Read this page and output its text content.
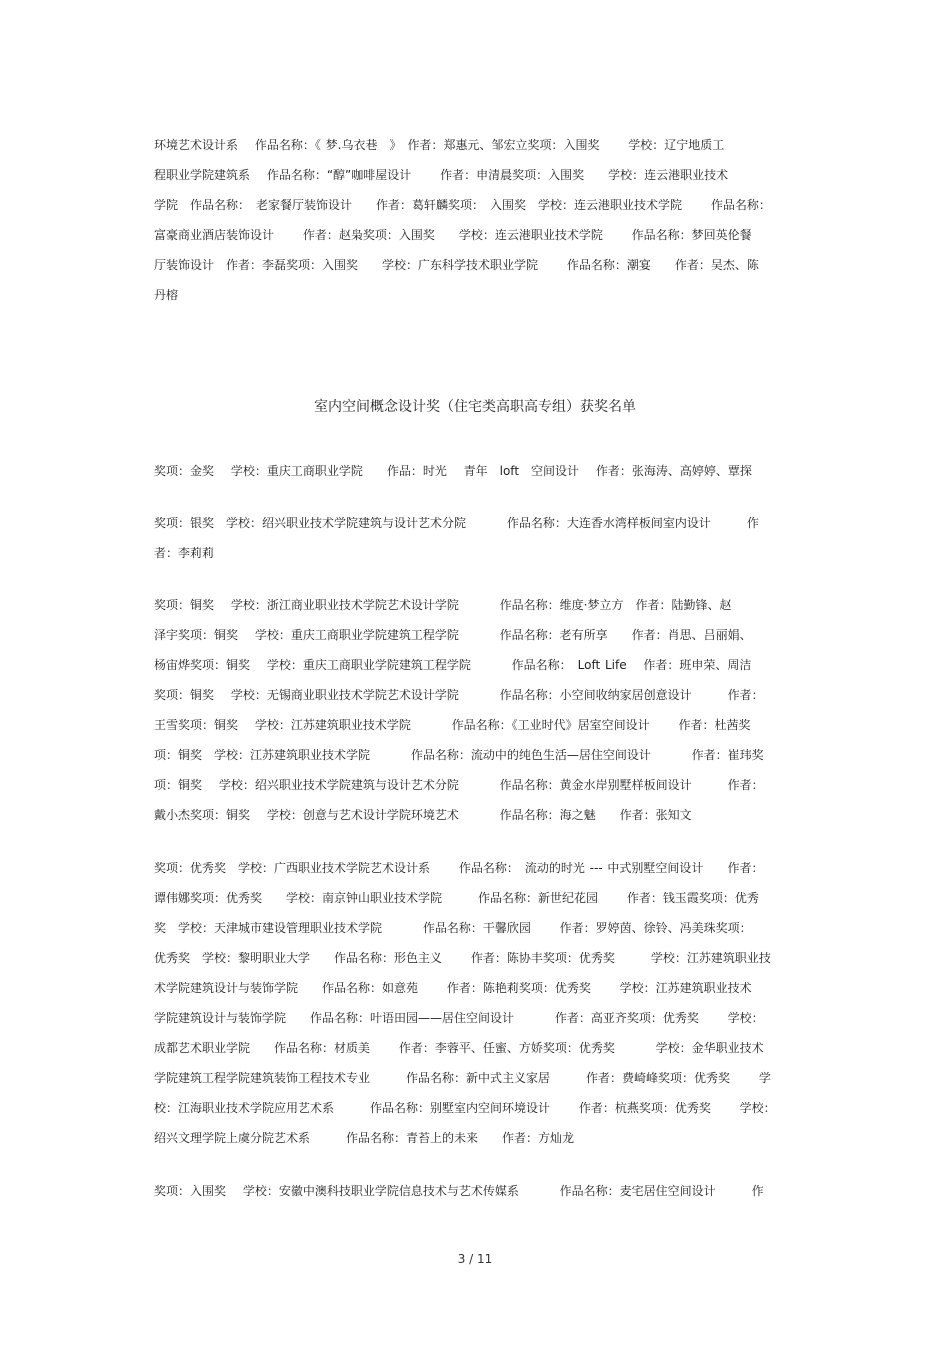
环境艺术设计系　 作品名称：《 梦.乌衣巷　》　作者：郑惠元、邹宏立奖项：入围奖　　 学校：辽宁地质工
程职业学院建筑系　 作品名称：“醇”咖啡屋设计　　 作者：申清晨奖项：入围奖　　学校：连云港职业技术
学院　作品名称：　老家餐厅装饰设计　　作者：葛轩麟奖项：　入围奖　学校：连云港职业技术学院　　 作品名称：
富豪商业酒店装饰设计　　 作者：赵枭奖项：入围奖　　学校：连云港职业技术学院　　 作品名称：梦回英伦餐
厅装饰设计　作者：李磊奖项：入围奖　　学校：广东科学技术职业学院　　 作品名称：潮宴　　作者：吴杰、陈
丹榕
室内空间概念设计奖（住宅类高职高专组）获奖名单
奖项：金奖　 学校：重庆工商职业学院　　作品：时光　 青年　loft　空间设计　 作者：张海涛、高婷婷、覃探
奖项：银奖　学校：绍兴职业技术学院建筑与设计艺术分院　　　 作品名称：大连香水湾样板间室内设计　　　作
者：李莉莉
奖项：铜奖　 学校：浙江商业职业技术学院艺术设计学院　　　 作品名称：维度·梦立方　作者：陆勤锋、赵
泽宇奖项：铜奖　 学校：重庆工商职业学院建筑工程学院　　　 作品名称：老有所享　　作者：肖思、吕丽娟、
杨宙烨奖项：铜奖　 学校：重庆工商职业学院建筑工程学院　　　 作品名称：　Loft Life　 作者：班申荣、周洁
奖项：铜奖　 学校：无锡商业职业技术学院艺术设计学院　　　 作品名称：小空间收纳家居创意设计　　　作者：
王雪奖项：铜奖　 学校：江苏建筑职业技术学院　　　 作品名称：《工业时代》居室空间设计　　 作者：杜茜奖
项：铜奖　学校：江苏建筑职业技术学院　　　 作品名称：流动中的纯色生活—居住空间设计　　　 作者：崔玮奖
项：铜奖　 学校：绍兴职业技术学院建筑与设计艺术分院　　　 作品名称：黄金水岸别墅样板间设计　　　作者：
戴小杰奖项：铜奖　 学校：创意与艺术设计学院环境艺术　　　 作品名称：海之魅　　作者：张知文
奖项：优秀奖　学校：广西职业技术学院艺术设计系　　 作品名称：　流动的时光 --- 中式别墅空间设计　　作者：
谭伟娜奖项：优秀奖　　学校：南京钟山职业技术学院　　　作品名称：新世纪花园　　 作者：钱玉霞奖项：优秀
奖　学校：天津城市建设管理职业技术学院　　　 作品名称：干馨欣园　　 作者：罗婷茵、徐铃、冯美珠奖项：
优秀奖　学校：黎明职业大学　　作品名称：形色主义　　 作者：陈协丰奖项：优秀奖　　　学校：江苏建筑职业技
术学院建筑设计与装饰学院　　作品名称：如意苑　　 作者：陈艳莉奖项：优秀奖　　 学校：江苏建筑职业技术
学院建筑设计与装饰学院　　作品名称：叶语田园——居住空间设计　　　 作者：高亚齐奖项：优秀奖　　 学校：
成都艺术职业学院　　作品名称：材质美　　 作者：李蓉平、任蜜、方娇奖项：优秀奖　　　 学校：金华职业技术
学院建筑工程学院建筑装饰工程技术专业　　　作品名称：新中式主义家居　　　作者：费崎峰奖项：优秀奖　　 学
校：江海职业技术学院应用艺术系　　　作品名称：别墅室内空间环境设计　　 作者：杭燕奖项：优秀奖　　 学校：
绍兴文理学院上虞分院艺术系　　　作品名称：青苔上的未来　　作者：方灿龙
奖项：入围奖　 学校：安徽中澳科技职业学院信息技术与艺术传媒系　　　 作品名称：麦宅居住空间设计　　　作
3 / 11
